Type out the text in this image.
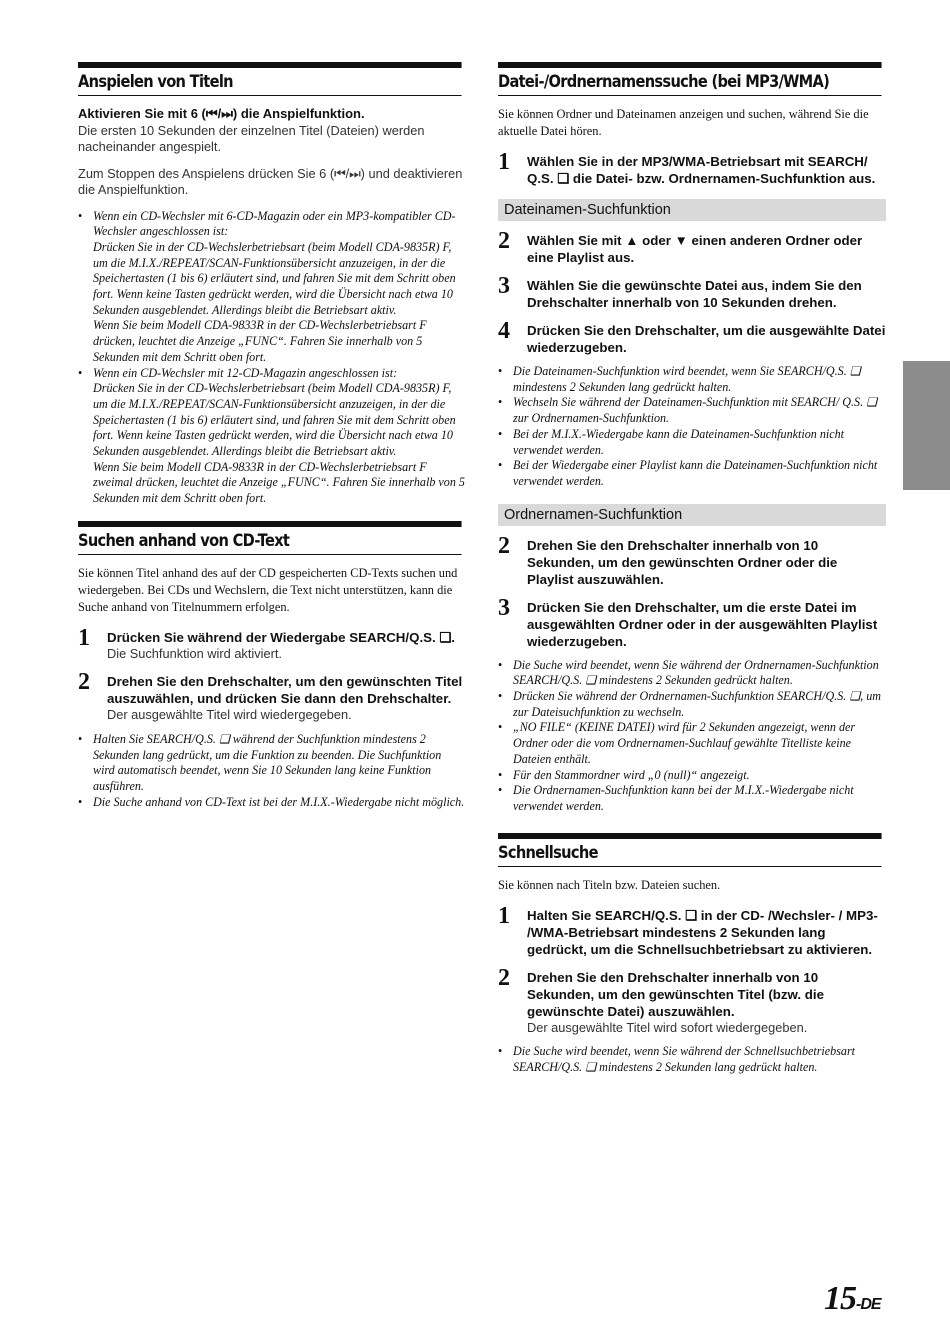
Anspielen von Titeln
Aktivieren Sie mit 6 (⏮/⏭) die Anspielfunktion.
Die ersten 10 Sekunden der einzelnen Titel (Dateien) werden nacheinander angespielt.
Zum Stoppen des Anspielens drücken Sie 6 (⏮/⏭) und deaktivieren die Anspielfunktion.
• Wenn ein CD-Wechsler mit 6-CD-Magazin oder ein MP3-kompatibler CD-Wechsler angeschlossen ist:
Drücken Sie in der CD-Wechslerbetriebsart (beim Modell CDA-9835R) F, um die M.I.X./REPEAT/SCAN-Funktionsübersicht anzuzeigen, in der die Speichertasten (1 bis 6) erläutert sind, und fahren Sie mit dem Schritt oben fort. Wenn keine Tasten gedrückt werden, wird die Übersicht nach etwa 10 Sekunden ausgeblendet. Allerdings bleibt die Betriebsart aktiv.
Wenn Sie beim Modell CDA-9833R in der CD-Wechslerbetriebsart F drücken, leuchtet die Anzeige „FUNC“. Fahren Sie innerhalb von 5 Sekunden mit dem Schritt oben fort.
• Wenn ein CD-Wechsler mit 12-CD-Magazin angeschlossen ist:
Drücken Sie in der CD-Wechslerbetriebsart (beim Modell CDA-9835R) F, um die M.I.X./REPEAT/SCAN-Funktionsübersicht anzuzeigen, in der die Speichertasten (1 bis 6) erläutert sind, und fahren Sie mit dem Schritt oben fort. Wenn keine Tasten gedrückt werden, wird die Übersicht nach etwa 10 Sekunden ausgeblendet. Allerdings bleibt die Betriebsart aktiv.
Wenn Sie beim Modell CDA-9833R in der CD-Wechslerbetriebsart F zweimal drücken, leuchtet die Anzeige „FUNC“. Fahren Sie innerhalb von 5 Sekunden mit dem Schritt oben fort.
Suchen anhand von CD-Text
Sie können Titel anhand des auf der CD gespeicherten CD-Texts suchen und wiedergeben. Bei CDs und Wechslern, die Text nicht unterstützen, kann die Suche anhand von Titelnummern erfolgen.
1	Drücken Sie während der Wiedergabe SEARCH/Q.S. ❏.
Die Suchfunktion wird aktiviert.
2	Drehen Sie den Drehschalter, um den gewünschten Titel auszuwählen, und drücken Sie dann den Drehschalter.
Der ausgewählte Titel wird wiedergegeben.
• Halten Sie SEARCH/Q.S. ❏ während der Suchfunktion mindestens 2 Sekunden lang gedrückt, um die Funktion zu beenden. Die Suchfunktion wird automatisch beendet, wenn Sie 10 Sekunden lang keine Funktion ausführen.
• Die Suche anhand von CD-Text ist bei der M.I.X.-Wiedergabe nicht möglich.
Datei-/Ordnernamenssuche (bei MP3/WMA)
Sie können Ordner und Dateinamen anzeigen und suchen, während Sie die aktuelle Datei hören.
1	Wählen Sie in der MP3/WMA-Betriebsart mit SEARCH/ Q.S. ❏ die Datei- bzw. Ordnernamen-Suchfunktion aus.
Dateinamen-Suchfunktion
2	Wählen Sie mit ▲ oder ▼ einen anderen Ordner oder eine Playlist aus.
3	Wählen Sie die gewünschte Datei aus, indem Sie den Drehschalter innerhalb von 10 Sekunden drehen.
4	Drücken Sie den Drehschalter, um die ausgewählte Datei wiederzugeben.
• Die Dateinamen-Suchfunktion wird beendet, wenn Sie SEARCH/Q.S. ❏ mindestens 2 Sekunden lang gedrückt halten.
• Wechseln Sie während der Dateinamen-Suchfunktion mit SEARCH/ Q.S. ❏ zur Ordnernamen-Suchfunktion.
• Bei der M.I.X.-Wiedergabe kann die Dateinamen-Suchfunktion nicht verwendet werden.
• Bei der Wiedergabe einer Playlist kann die Dateinamen-Suchfunktion nicht verwendet werden.
Ordnernamen-Suchfunktion
2	Drehen Sie den Drehschalter innerhalb von 10 Sekunden, um den gewünschten Ordner oder die Playlist auszuwählen.
3	Drücken Sie den Drehschalter, um die erste Datei im ausgewählten Ordner oder in der ausgewählten Playlist wiederzugeben.
• Die Suche wird beendet, wenn Sie während der Ordnernamen-Suchfunktion SEARCH/Q.S. ❏ mindestens 2 Sekunden gedrückt halten.
• Drücken Sie während der Ordnernamen-Suchfunktion SEARCH/Q.S. ❏, um zur Dateisuchfunktion zu wechseln.
• „NO FILE“ (KEINE DATEI) wird für 2 Sekunden angezeigt, wenn der Ordner oder die vom Ordnernamen-Suchlauf gewählte Titelliste keine Dateien enthält.
• Für den Stammordner wird „0 (null)“ angezeigt.
• Die Ordnernamen-Suchfunktion kann bei der M.I.X.-Wiedergabe nicht verwendet werden.
Schnellsuche
Sie können nach Titeln bzw. Dateien suchen.
1	Halten Sie SEARCH/Q.S. ❏ in der CD- /Wechsler- / MP3- /WMA-Betriebsart mindestens 2 Sekunden lang gedrückt, um die Schnellsuchbetriebsart zu aktivieren.
2	Drehen Sie den Drehschalter innerhalb von 10 Sekunden, um den gewünschten Titel (bzw. die gewünschte Datei) auszuwählen.
Der ausgewählte Titel wird sofort wiedergegeben.
• Die Suche wird beendet, wenn Sie während der Schnellsuchbetriebsart SEARCH/Q.S. ❏ mindestens 2 Sekunden lang gedrückt halten.
15-DE
